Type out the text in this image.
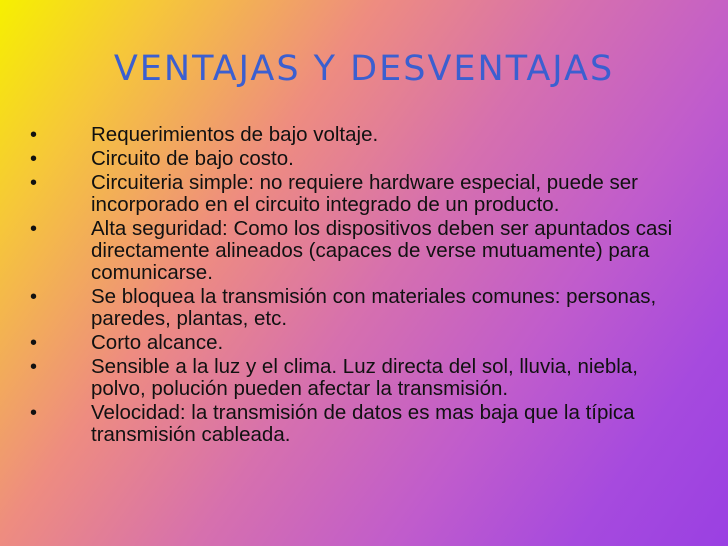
VENTAJAS Y DESVENTAJAS
•	Requerimientos de bajo voltaje.
•	Circuito de bajo costo.
•	Circuiteria simple: no requiere hardware especial, puede ser incorporado en el circuito integrado de un producto.
•	Alta seguridad: Como los dispositivos deben ser apuntados casi directamente alineados (capaces de verse mutuamente) para comunicarse.
•	Se bloquea la transmisión con materiales comunes: personas, paredes, plantas, etc.
•	Corto alcance.
•	Sensible a la luz y el clima. Luz directa del sol, lluvia, niebla, polvo, polución pueden afectar la transmisión.
•	Velocidad: la transmisión de datos es mas baja que la típica transmisión cableada.
